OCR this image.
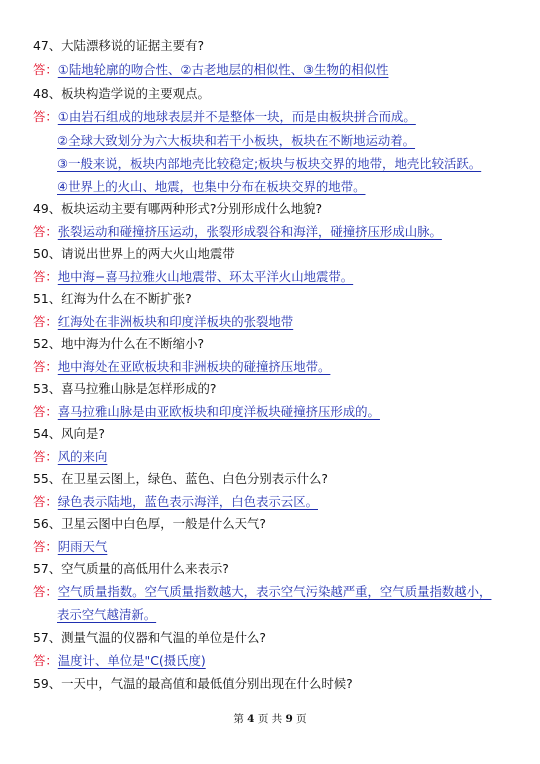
47、大陆漂移说的证据主要有?
答：①陆地轮廓的吻合性、②古老地层的相似性、③生物的相似性
48、板块构造学说的主要观点。
答：①由岩石组成的地球表层并不是整体一块，而是由板块拼合而成。
②全球大致划分为六大板块和若干小板块，板块在不断地运动着。
③一般来说，板块内部地壳比较稳定;板块与板块交界的地带，地壳比较活跃。
④世界上的火山、地震，也集中分布在板块交界的地带。
49、板块运动主要有哪两种形式?分别形成什么地貌?
答：张裂运动和碰撞挤压运动，张裂形成裂谷和海洋，碰撞挤压形成山脉。
50、请说出世界上的两大火山地震带
答：地中海−喜马拉雅火山地震带、环太平洋火山地震带。
51、红海为什么在不断扩张?
答：红海处在非洲板块和印度洋板块的张裂地带
52、地中海为什么在不断缩小?
答：地中海处在亚欧板块和非洲板块的碰撞挤压地带。
53、喜马拉雅山脉是怎样形成的?
答：喜马拉雅山脉是由亚欧板块和印度洋板块碰撞挤压形成的。
54、风向是?
答：风的来向
55、在卫星云图上，绿色、蓝色、白色分别表示什么?
答：绿色表示陆地，蓝色表示海洋，白色表示云区。
56、卫星云图中白色厚，一般是什么天气?
答：阴雨天气
57、空气质量的高低用什么来表示?
答：空气质量指数。空气质量指数越大，表示空气污染越严重，空气质量指数越小，
表示空气越清新。
57、测量气温的仪器和气温的单位是什么?
答：温度计、单位是"C(摄氏度)
59、一天中，气温的最高值和最低值分别出现在什么时候?
第 4 页 共 9 页
